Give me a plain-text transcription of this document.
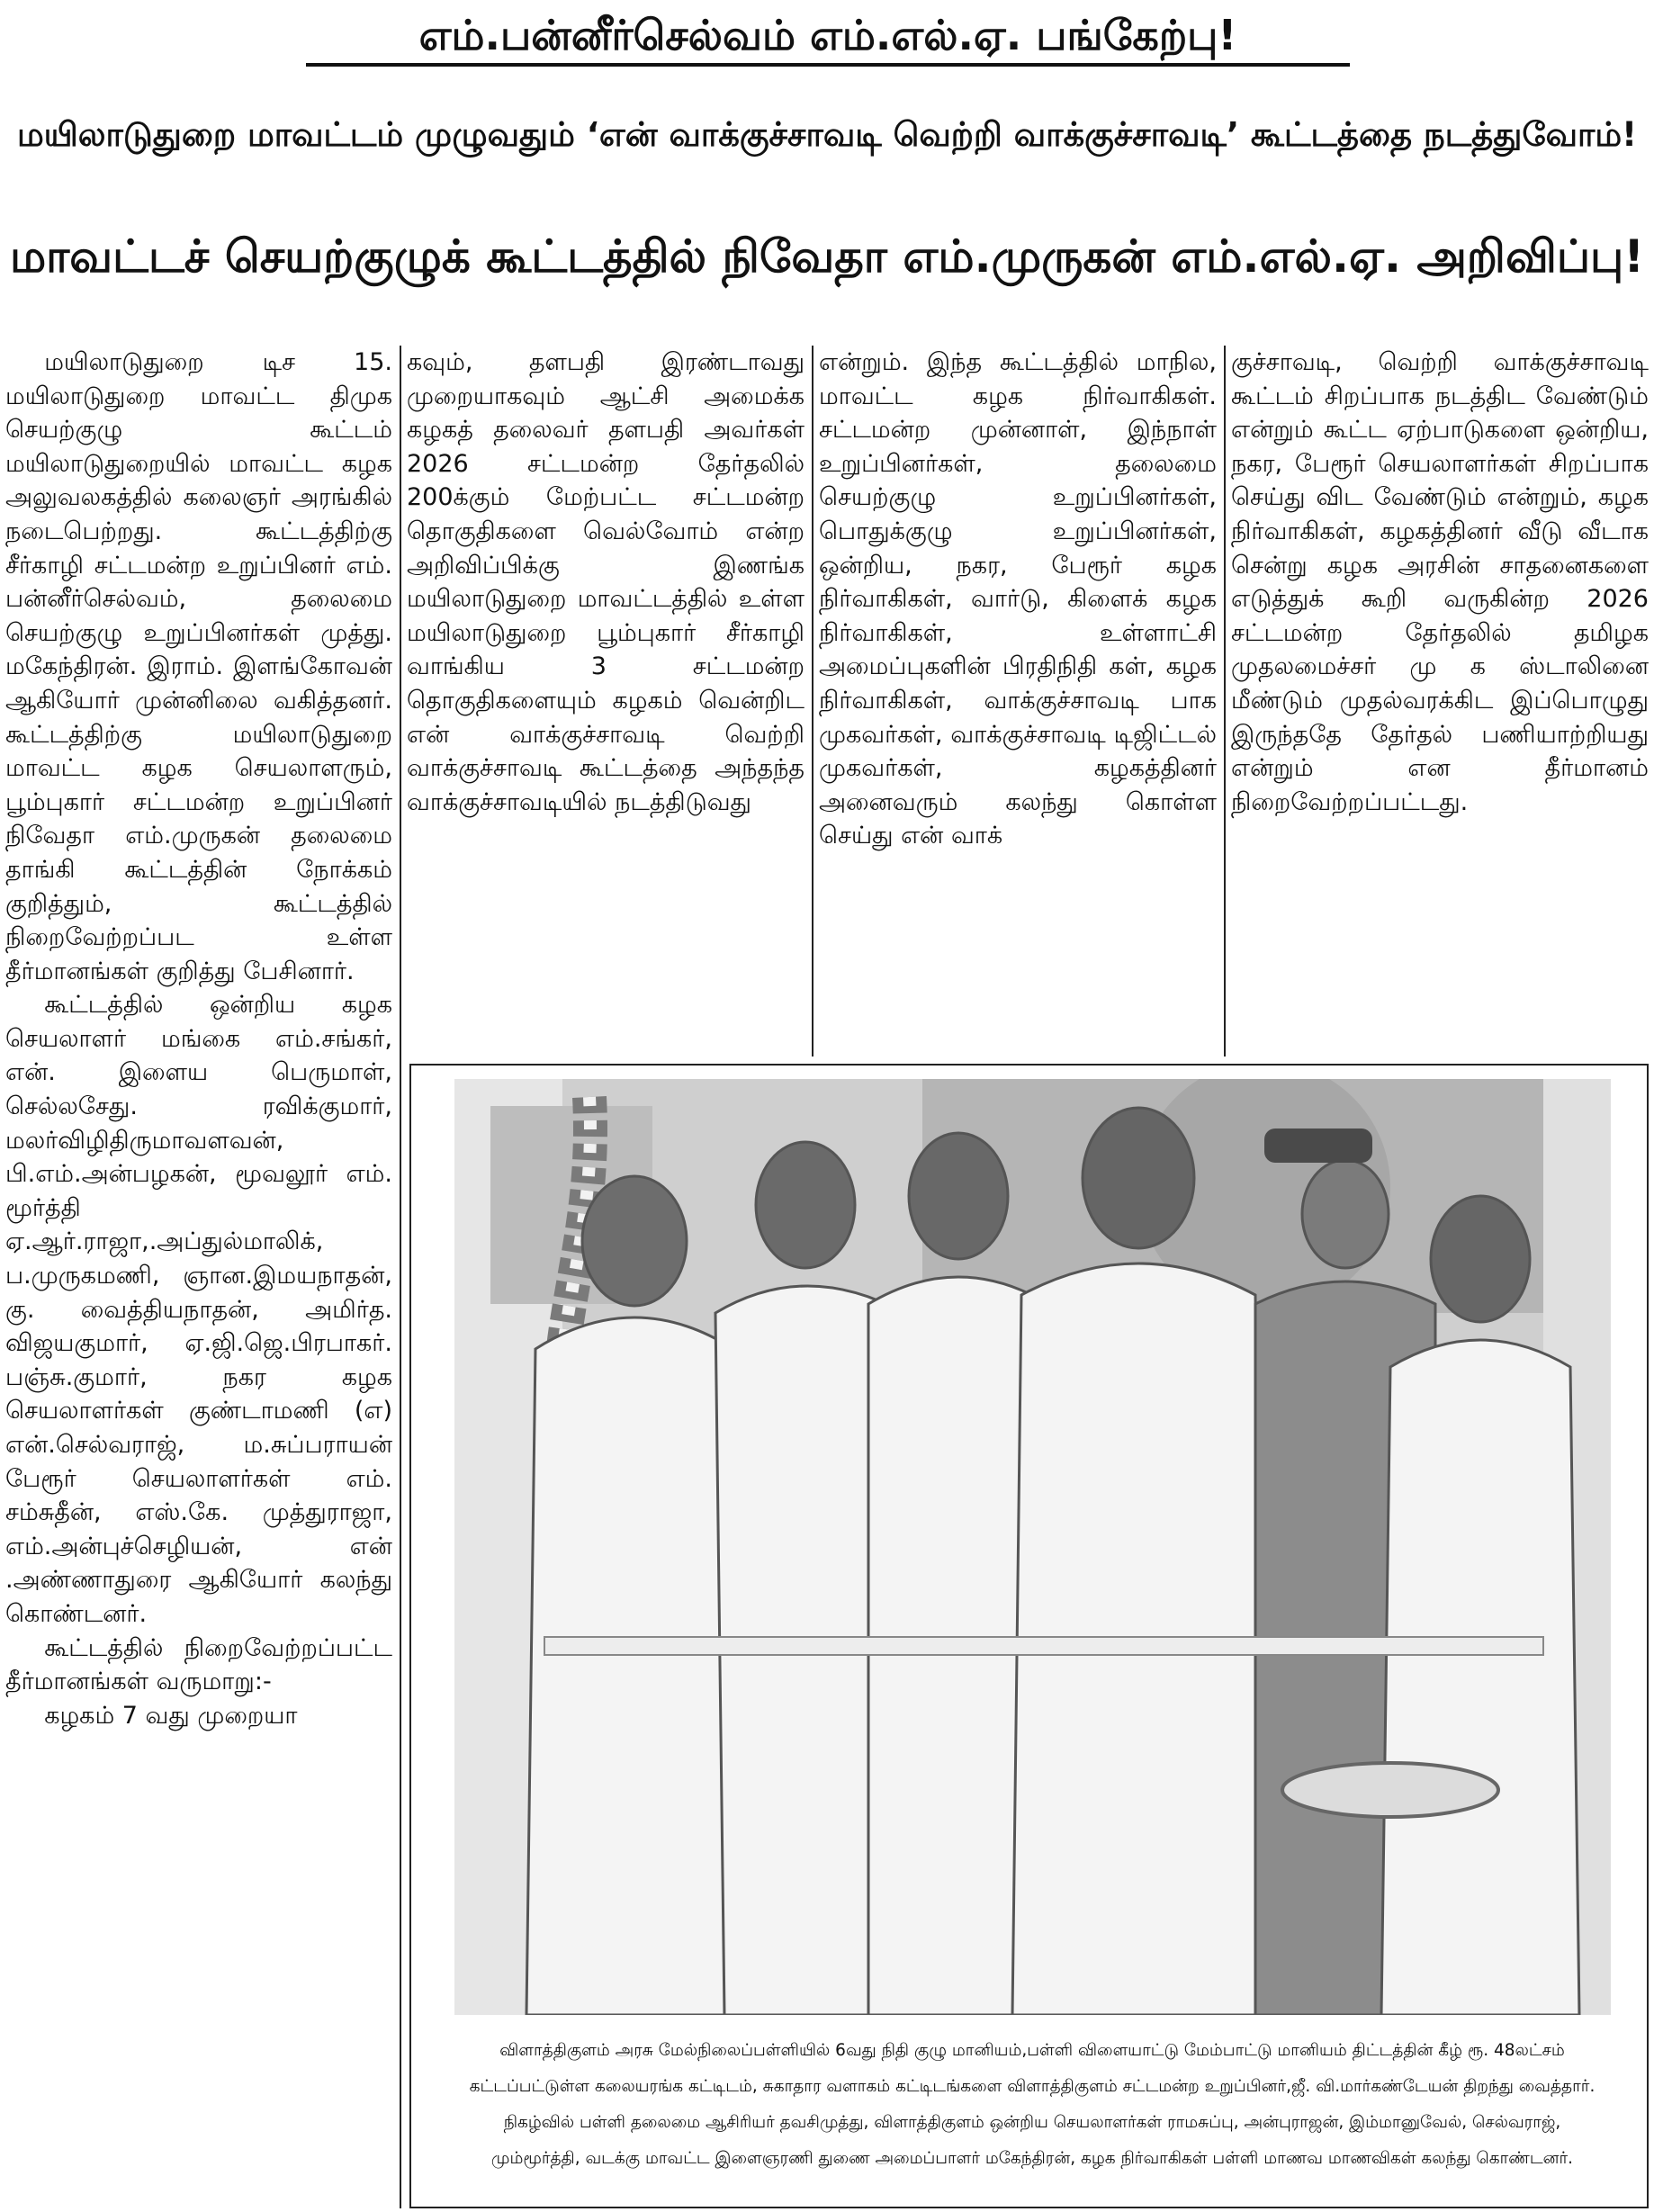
எம்.பன்னீர்செல்வம் எம்.எல்.ஏ. பங்கேற்பு!
மயிலாடுதுறை மாவட்டம் முழுவதும் ‘என் வாக்குச்சாவடி வெற்றி வாக்குச்சாவடி’ கூட்டத்தை நடத்துவோம்!
மாவட்டச் செயற்குழுக் கூட்டத்தில் நிவேதா எம்.முருகன் எம்.எல்.ஏ. அறிவிப்பு!

மயிலாடுதுறை டிச 15. மயிலாடுதுறை மாவட்ட திமுக செயற்குழு கூட்டம் மயிலாடுதுறையில் மாவட்ட கழக அலுவலகத்தில் கலைஞர் அரங்கில் நடைபெற்றது. கூட்டத்திற்கு சீர்காழி சட்டமன்ற உறுப்பினர் எம். பன்னீர்செல்வம், தலைமை செயற்குழு உறுப்பினர்கள் முத்து. மகேந்திரன். இராம். இளங்கோவன் ஆகியோர் முன்னிலை வகித்தனர். கூட்டத்திற்கு மயிலாடுதுறை மாவட்ட கழக செயலாளரும், பூம்புகார் சட்டமன்ற உறுப்பினர் நிவேதா எம்.முருகன் தலைமை தாங்கி கூட்டத்தின் நோக்கம் குறித்தும், கூட்டத்தில் நிறைவேற்றப்பட உள்ள தீர்மானங்கள் குறித்து பேசினார்.

கூட்டத்தில் ஒன்றிய கழக செயலாளர் மங்கை எம்.சங்கர், என். இளைய பெருமாள், செல்லசேது. ரவிக்குமார், மலர்விழிதிருமாவளவன், பி.எம்.அன்பழகன், மூவலூர் எம். மூர்த்தி ஏ.ஆர்.ராஜா,.அப்துல்மாலிக், ப.முருகமணி, ஞான.இமயநாதன், கு. வைத்தியநாதன், அமிர்த. விஜயகுமார், ஏ.ஜி.ஜெ.பிரபாகர். பஞ்சு.குமார், நகர கழக செயலாளர்கள் குண்டாமணி (எ) என்.செல்வராஜ், ம.சுப்பராயன் பேரூர் செயலாளர்கள் எம். சம்சுதீன், எஸ்.கே. முத்துராஜா, எம்.அன்புச்செழியன், என் .அண்ணாதுரை ஆகியோர் கலந்து கொண்டனர்.

கூட்டத்தில் நிறைவேற்றப்பட்ட தீர்மானங்கள் வருமாறு:-

கழகம் 7 வது முறையா

கவும், தளபதி இரண்டாவது முறையாகவும் ஆட்சி அமைக்க கழகத் தலைவர் தளபதி அவர்கள் 2026 சட்டமன்ற தேர்தலில் 200க்கும் மேற்பட்ட சட்டமன்ற தொகுதிகளை வெல்வோம் என்ற அறிவிப்பிக்கு இணங்க மயிலாடுதுறை மாவட்டத்தில் உள்ள மயிலாடுதுறை பூம்புகார் சீர்காழி வாங்கிய 3 சட்டமன்ற தொகுதிகளையும் கழகம் வென்றிட என் வாக்குச்சாவடி வெற்றி வாக்குச்சாவடி கூட்டத்தை அந்தந்த வாக்குச்சாவடியில் நடத்திடுவது

என்றும். இந்த கூட்டத்தில் மாநில, மாவட்ட கழக நிர்வாகிகள். சட்டமன்ற முன்னாள், இந்நாள் உறுப்பினர்கள், தலைமை செயற்குழு உறுப்பினர்கள், பொதுக்குழு உறுப்பினர்கள், ஒன்றிய, நகர, பேரூர் கழக நிர்வாகிகள், வார்டு, கிளைக் கழக நிர்வாகிகள், உள்ளாட்சி அமைப்புகளின் பிரதிநிதி கள், கழக நிர்வாகிகள், வாக்குச்சாவடி பாக முகவர்கள், வாக்குச்சாவடி டிஜிட்டல் முகவர்கள், கழகத்தினர் அனைவரும் கலந்து கொள்ள செய்து என் வாக்

குச்சாவடி, வெற்றி வாக்குச்சாவடி கூட்டம் சிறப்பாக நடத்திட வேண்டும் என்றும் கூட்ட ஏற்பாடுகளை ஒன்றிய, நகர, பேரூர் செயலாளர்கள் சிறப்பாக செய்து விட வேண்டும் என்றும், கழக நிர்வாகிகள், கழகத்தினர் வீடு வீடாக சென்று கழக அரசின் சாதனைகளை எடுத்துக் கூறி வருகின்ற 2026 சட்டமன்ற தேர்தலில் தமிழக முதலமைச்சர் மு க ஸ்டாலினை மீண்டும் முதல்வரக்கிட இப்பொழுது இருந்ததே தேர்தல் பணியாற்றியது என்றும் என தீர்மானம் நிறைவேற்றப்பட்டது.

விளாத்திகுளம் அரசு மேல்நிலைப்பள்ளியில் 6வது நிதி குழு மானியம்,பள்ளி விளையாட்டு மேம்பாட்டு மானியம் திட்டத்தின் கீழ் ரூ. 48லட்சம் கட்டப்பட்டுள்ள கலையரங்க கட்டிடம், சுகாதார வளாகம் கட்டிடங்களை விளாத்திகுளம் சட்டமன்ற உறுப்பினர்,ஜீ. வி.மார்கண்டேயன் திறந்து வைத்தார். நிகழ்வில் பள்ளி தலைமை ஆசிரியர் தவசிமுத்து, விளாத்திகுளம் ஒன்றிய செயலாளர்கள் ராமசுப்பு, அன்புராஜன், இம்மானுவேல், செல்வராஜ், மும்மூர்த்தி, வடக்கு மாவட்ட இளைஞரணி துணை அமைப்பாளர் மகேந்திரன், கழக நிர்வாகிகள் பள்ளி மாணவ மாணவிகள் கலந்து கொண்டனர்.
